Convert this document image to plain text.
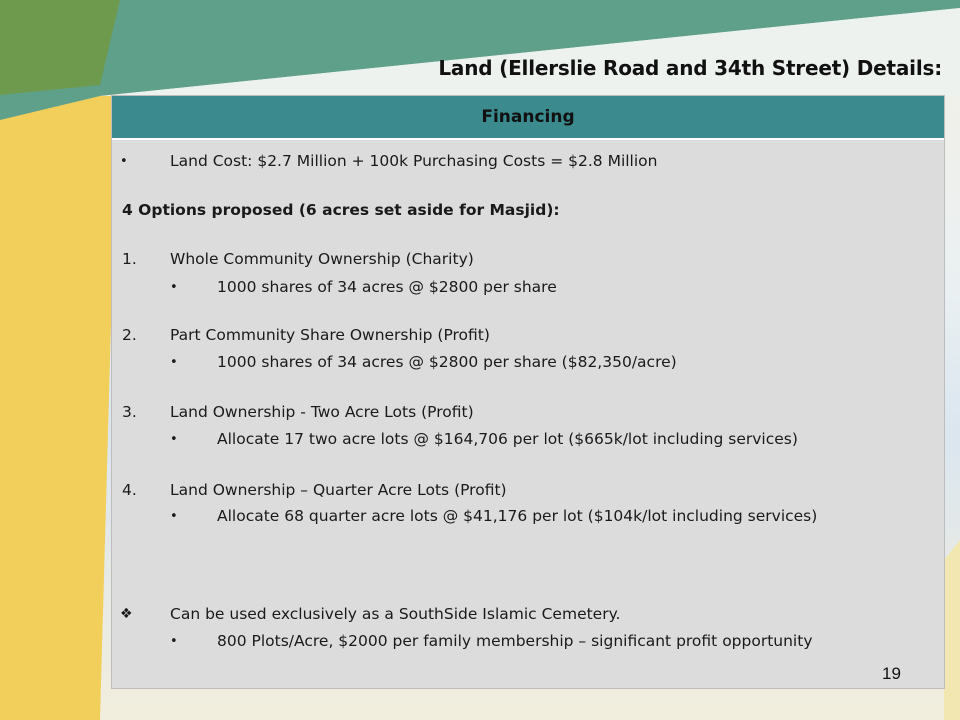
Land (Ellerslie Road and 34th Street) Details:
Financing
•	Land Cost: $2.7 Million + 100k Purchasing Costs = $2.8 Million
4 Options proposed (6 acres set aside for Masjid):
1. Whole Community Ownership (Charity)
•	1000 shares of 34 acres @ $2800 per share
2. Part Community Share Ownership (Profit)
•	1000 shares of 34 acres @ $2800 per share ($82,350/acre)
3. Land Ownership - Two Acre Lots (Profit)
•	Allocate 17 two acre lots @ $164,706 per lot ($665k/lot including services)
4. Land Ownership – Quarter Acre Lots (Profit)
•	Allocate 68 quarter acre lots @ $41,176 per lot ($104k/lot including services)
❖ Can be used exclusively as a SouthSide Islamic Cemetery.
•	800 Plots/Acre, $2000 per family membership – significant profit opportunity
19
